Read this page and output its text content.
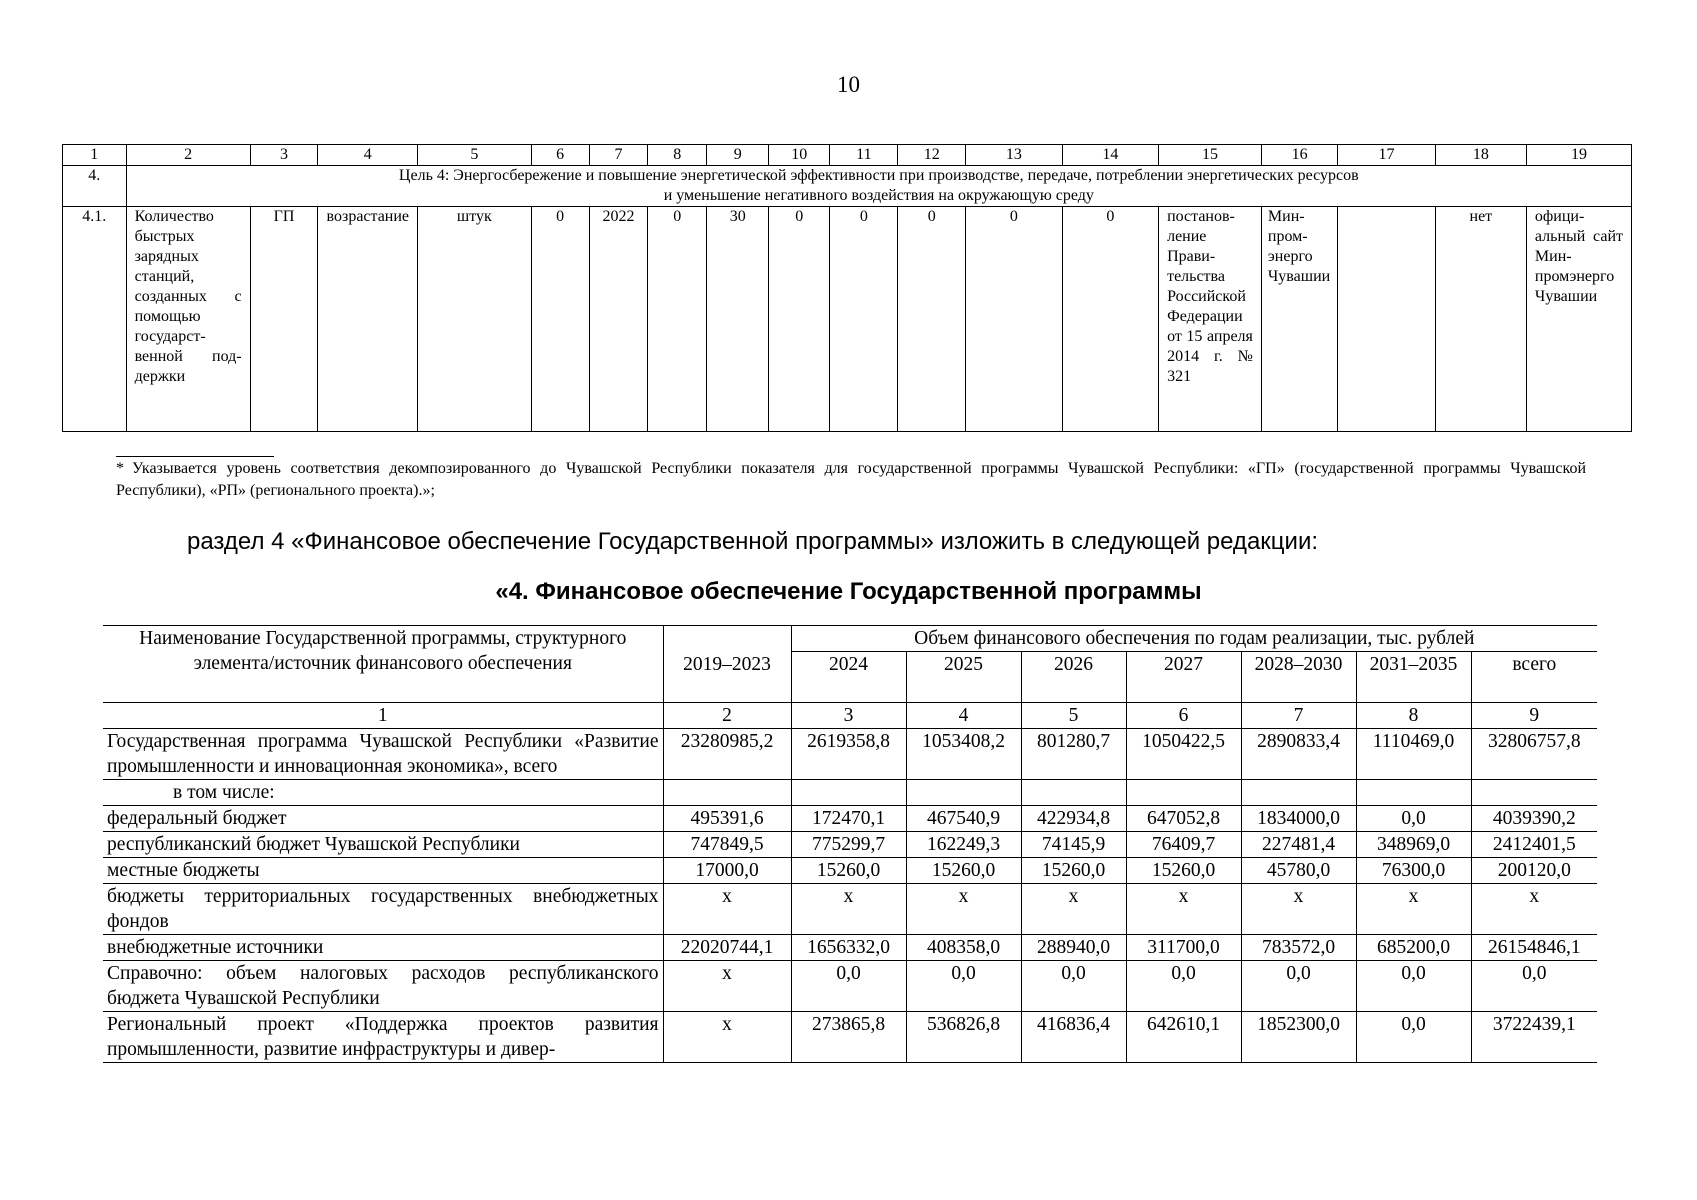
10
1	2	3	4	5	6	7	8	9	10	11	12	13	14	15	16	17	18	19
4.	Цель 4: Энергосбережение и повышение энергетической эффективности при производстве, передаче, потреблении энергетических ресурсов
и уменьшение негативного воздействия на окружающую среду																	

4.1.	Количество быстрых зарядных станций, созданных с помощью государственной поддержки	ГП	возрастание	штук	0	2022	0	30	0	0	0	0	0	постановление Правительства Российской Федерации от 15 апреля 2014 г. № 321	Минпромэнерго Чувашии		нет	официальный сайт Минпромэнерго Чувашии
* Указывается уровень соответствия декомпозированного до Чувашской Республики показателя для государственной программы Чувашской Республики: «ГП» (государственной программы Чувашской Республики), «РП» (регионального проекта).»;
раздел 4 «Финансовое обеспечение Государственной программы» изложить в следующей редакции:
«4. Финансовое обеспечение Государственной программы
Наименование Государственной программы, структурного элемента/источник финансового обеспечения		Объем финансового обеспечения по годам реализации, тыс. рублей						
	2019–2023	2024	2025	2026	2027	2028–2030	2031–2035	всего
1	2	3	4	5	6	7	8	9
Государственная программа Чувашской Республики «Развитие промышленности и инновационная экономика», всего	23280985,2	2619358,8	1053408,2	801280,7	1050422,5	2890833,4	1110469,0	32806757,8
в том числе:								
федеральный бюджет	495391,6	172470,1	467540,9	422934,8	647052,8	1834000,0	0,0	4039390,2
республиканский бюджет Чувашской Республики	747849,5	775299,7	162249,3	74145,9	76409,7	227481,4	348969,0	2412401,5
местные бюджеты	17000,0	15260,0	15260,0	15260,0	15260,0	45780,0	76300,0	200120,0
бюджеты территориальных государственных внебюджетных фондов	х	х	х	х	х	х	х	х
внебюджетные источники	22020744,1	1656332,0	408358,0	288940,0	311700,0	783572,0	685200,0	26154846,1
Справочно: объем налоговых расходов республиканского бюджета Чувашской Республики	х	0,0	0,0	0,0	0,0	0,0	0,0	0,0
Региональный проект «Поддержка проектов развития промышленности, развитие инфраструктуры и дивер-	х	273865,8	536826,8	416836,4	642610,1	1852300,0	0,0	3722439,1
